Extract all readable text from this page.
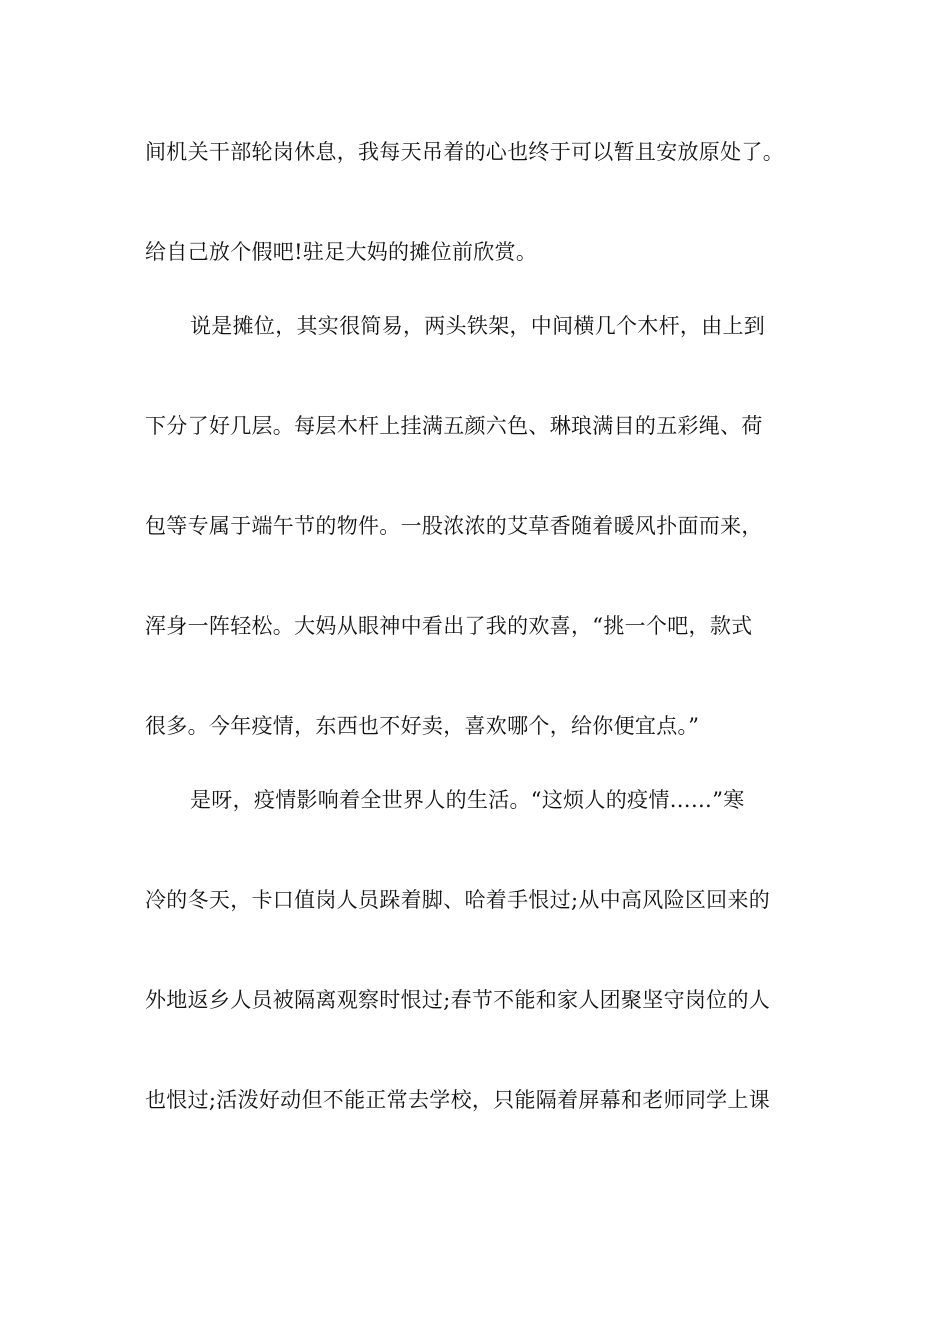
间机关干部轮岗休息，我每天吊着的心也终于可以暂且安放原处了。
给自己放个假吧!驻足大妈的摊位前欣赏。
说是摊位，其实很简易，两头铁架，中间横几个木杆，由上到
下分了好几层。每层木杆上挂满五颜六色、琳琅满目的五彩绳、荷
包等专属于端午节的物件。一股浓浓的艾草香随着暖风扑面而来，
浑身一阵轻松。大妈从眼神中看出了我的欢喜，“挑一个吧，款式
很多。今年疫情，东西也不好卖，喜欢哪个，给你便宜点。”
是呀，疫情影响着全世界人的生活。“这烦人的疫情……”寒
冷的冬天，卡口值岗人员跺着脚、哈着手恨过;从中高风险区回来的
外地返乡人员被隔离观察时恨过;春节不能和家人团聚坚守岗位的人
也恨过;活泼好动但不能正常去学校，只能隔着屏幕和老师同学上课
